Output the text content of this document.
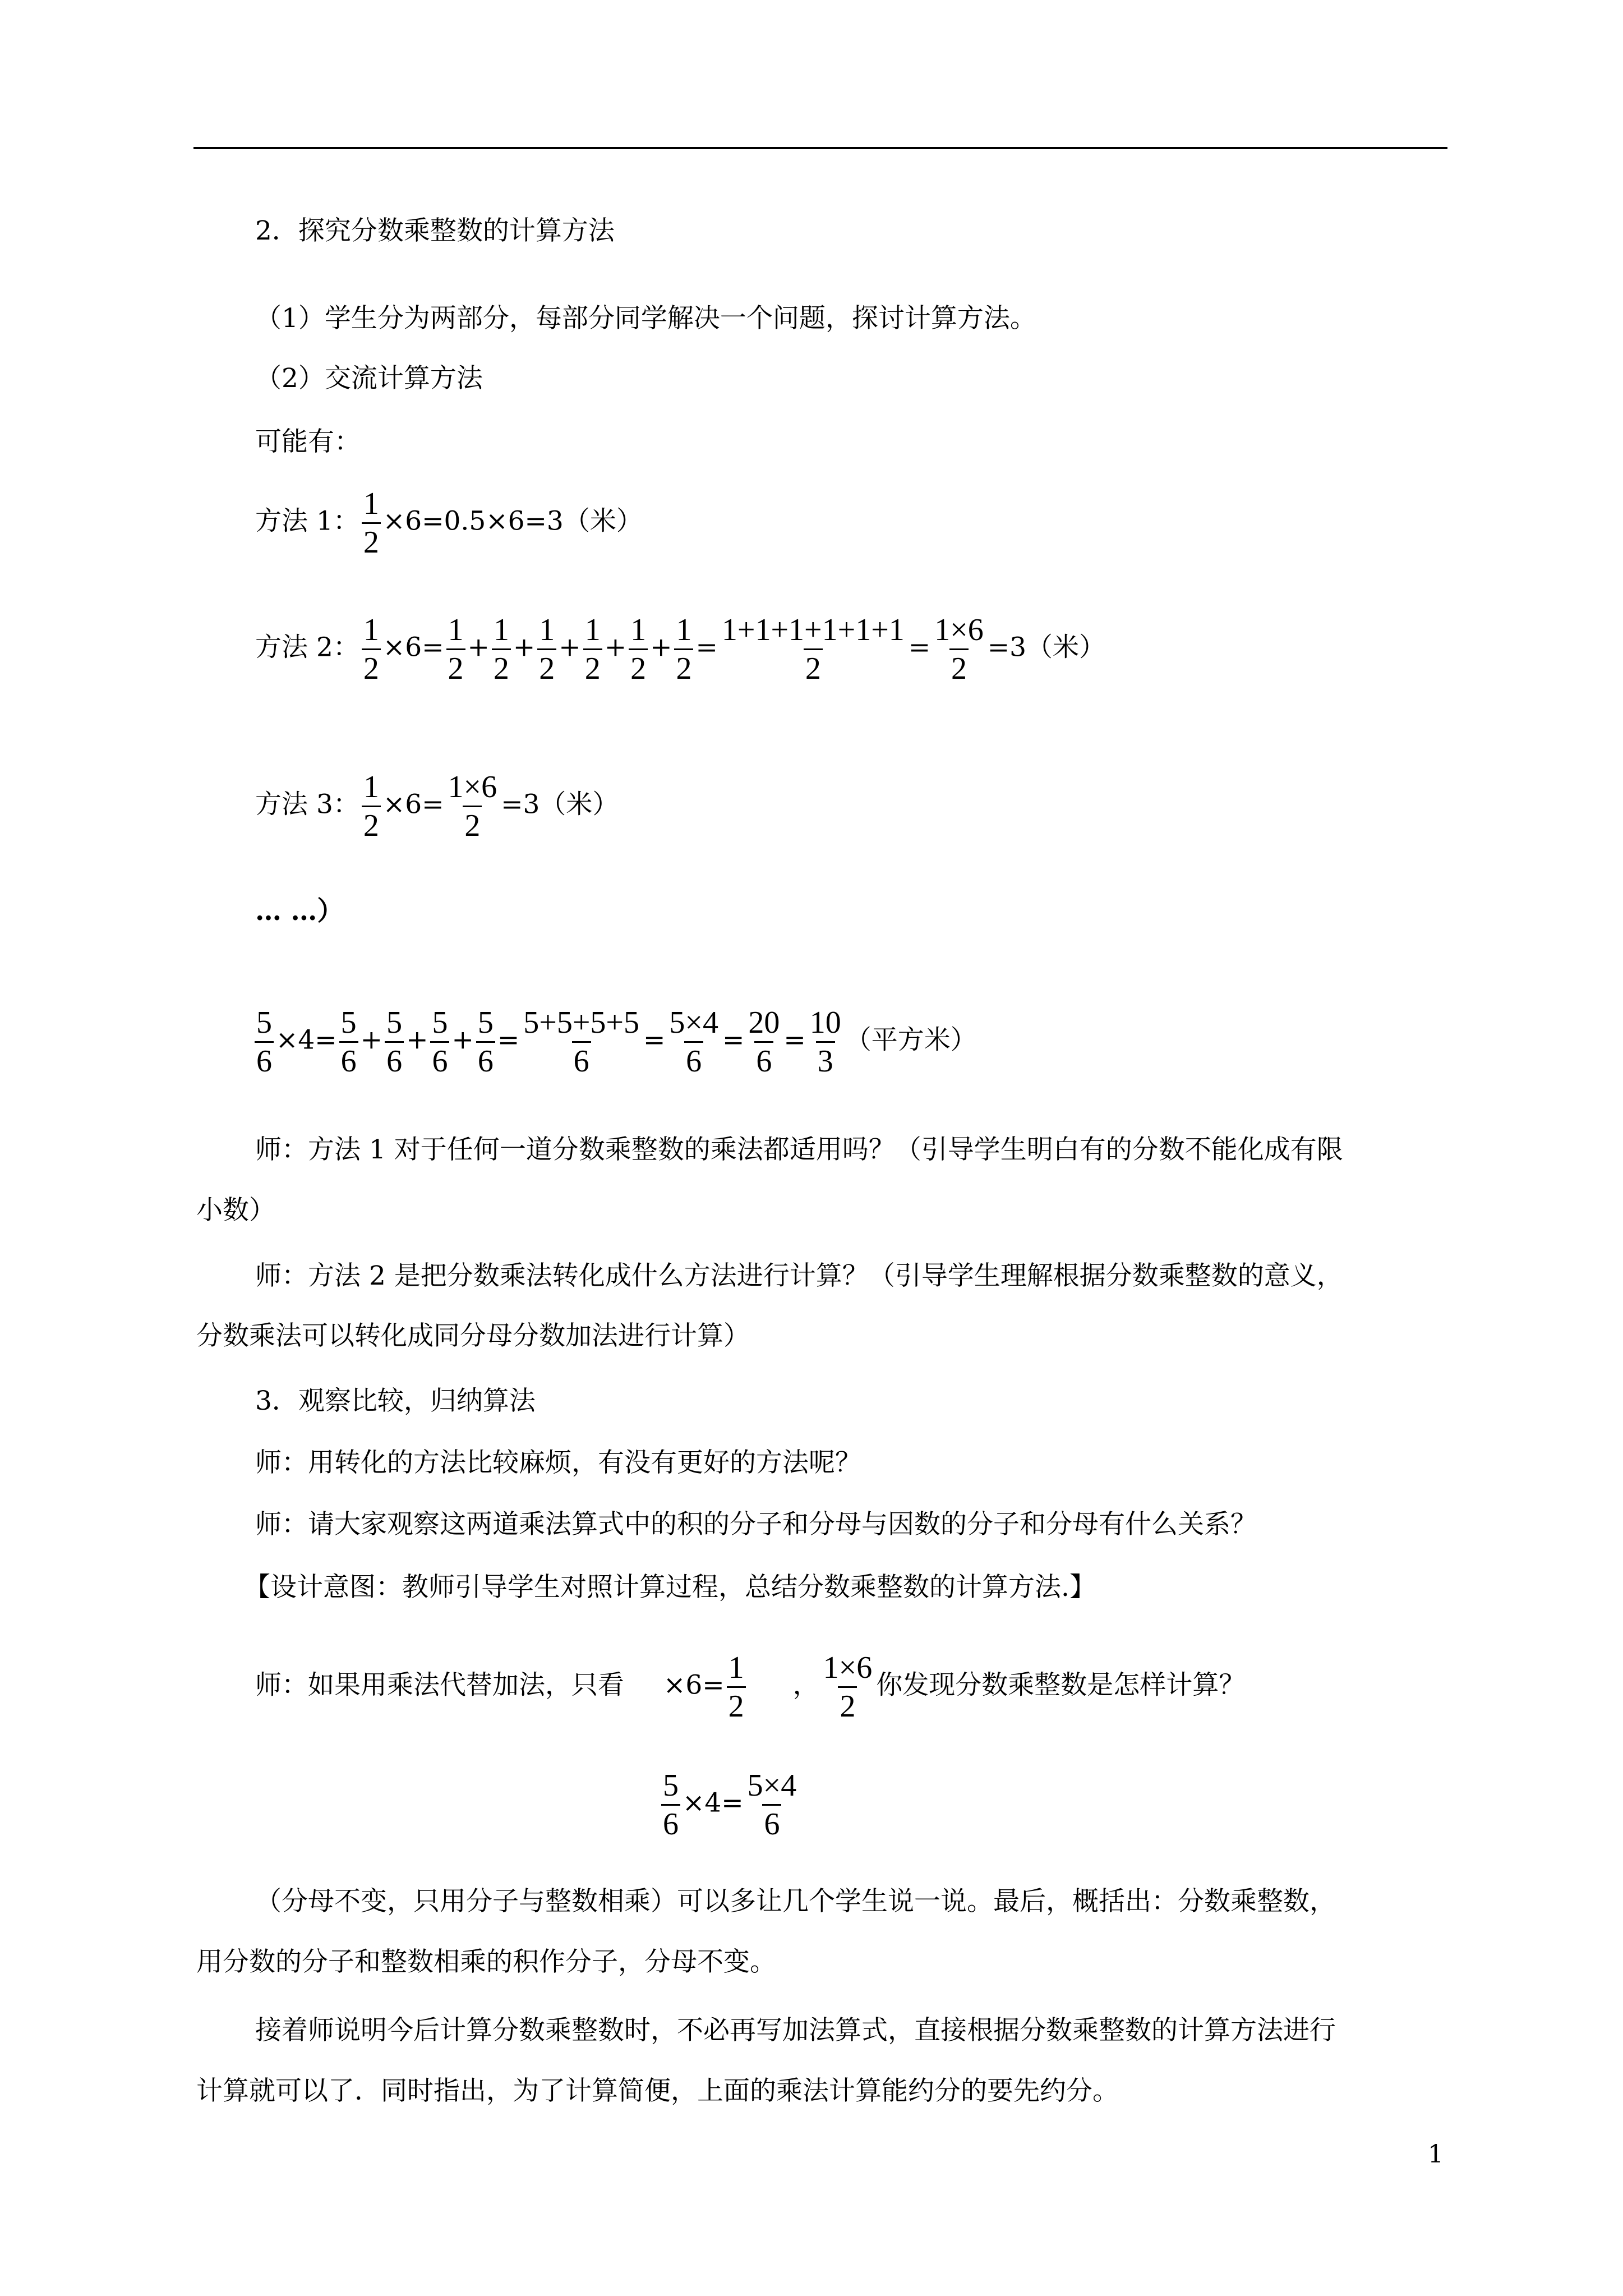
2．探究分数乘整数的计算方法
（1）学生分为两部分，每部分同学解决一个问题，探讨计算方法。
（2）交流计算方法
可能有：
方法 1： $\frac{1}{2} \times 6=0.5\times 6=3$（米）
方法 2： $\frac{1}{2} \times 6= \frac{1}{2} + \frac{1}{2} + \frac{1}{2} + \frac{1}{2} + \frac{1}{2} + \frac{1}{2} = \frac{1+1+1+1+1+1}{2} = \frac{1\times 6}{2} =3$（米）
方法 3： $\frac{1}{2} \times 6= \frac{1\times 6}{2} =3$（米）
… …）
$\frac{5}{6} \times 4= \frac{5}{6} + \frac{5}{6} + \frac{5}{6} + \frac{5}{6} = \frac{5+5+5+5}{6} = \frac{5\times 4}{6} = \frac{20}{6} = \frac{10}{3}$ （平方米）
师：方法 1 对于任何一道分数乘整数的乘法都适用吗？（引导学生明白有的分数不能化成有限
小数）
师：方法 2 是把分数乘法转化成什么方法进行计算？（引导学生理解根据分数乘整数的意义，
分数乘法可以转化成同分母分数加法进行计算）
3．观察比较，归纳算法
师：用转化的方法比较麻烦，有没有更好的方法呢？
师：请大家观察这两道乘法算式中的积的分子和分母与因数的分子和分母有什么关系？
【设计意图：教师引导学生对照计算过程，总结分数乘整数的计算方法.】
师：如果用乘法代替加法，只看 $\times 6= \frac{1}{2}$ ， $\frac{1\times 6}{2}$ 你发现分数乘整数是怎样计算？
$\frac{5}{6} \times 4= \frac{5\times 4}{6}$
（分母不变，只用分子与整数相乘）可以多让几个学生说一说。最后，概括出：分数乘整数，
用分数的分子和整数相乘的积作分子，分母不变。
接着师说明今后计算分数乘整数时，不必再写加法算式，直接根据分数乘整数的计算方法进行
计算就可以了．同时指出，为了计算简便，上面的乘法计算能约分的要先约分。
1
